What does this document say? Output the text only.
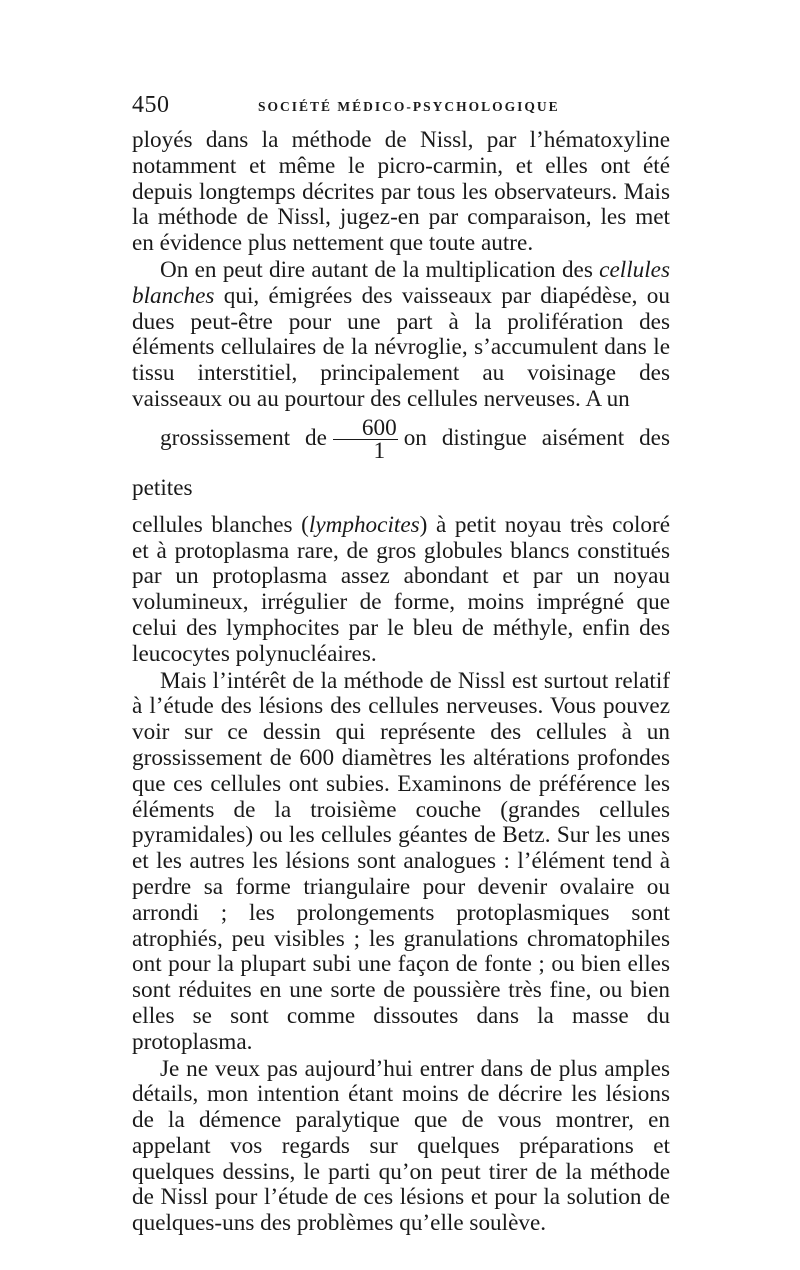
450	SOCIÉTÉ MÉDICO-PSYCHOLOGIQUE

ployés dans la méthode de Nissl, par l’hématoxyline notamment et même le picro-carmin, et elles ont été depuis longtemps décrites par tous les observateurs. Mais la méthode de Nissl, jugez-en par comparaison, les met en évidence plus nettement que toute autre.

On en peut dire autant de la multiplication des cellules blanches qui, émigrées des vaisseaux par diapédèse, ou dues peut-être pour une part à la prolifération des éléments cellulaires de la névroglie, s’accumulent dans le tissu interstitiel, principalement au voisinage des vaisseaux ou au pourtour des cellules nerveuses. A un
grossissement de $\frac{600}{1}$ on distingue aisément des petites
cellules blanches (lymphocites) à petit noyau très coloré et à protoplasma rare, de gros globules blancs constitués par un protoplasma assez abondant et par un noyau volumineux, irrégulier de forme, moins imprégné que celui des lymphocites par le bleu de méthyle, enfin des leucocytes polynucléaires.

Mais l’intérêt de la méthode de Nissl est surtout relatif à l’étude des lésions des cellules nerveuses. Vous pouvez voir sur ce dessin qui représente des cellules à un grossissement de 600 diamètres les altérations profondes que ces cellules ont subies. Examinons de préférence les éléments de la troisième couche (grandes cellules pyramidales) ou les cellules géantes de Betz. Sur les unes et les autres les lésions sont analogues : l’élément tend à perdre sa forme triangulaire pour devenir ovalaire ou arrondi ; les prolongements protoplasmiques sont atrophiés, peu visibles ; les granulations chromatophiles ont pour la plupart subi une façon de fonte ; ou bien elles sont réduites en une sorte de poussière très fine, ou bien elles se sont comme dissoutes dans la masse du protoplasma.

Je ne veux pas aujourd’hui entrer dans de plus amples détails, mon intention étant moins de décrire les lésions de la démence paralytique que de vous montrer, en appelant vos regards sur quelques préparations et quelques dessins, le parti qu’on peut tirer de la méthode de Nissl pour l’étude de ces lésions et pour la solution de quelques-uns des problèmes qu’elle soulève.
